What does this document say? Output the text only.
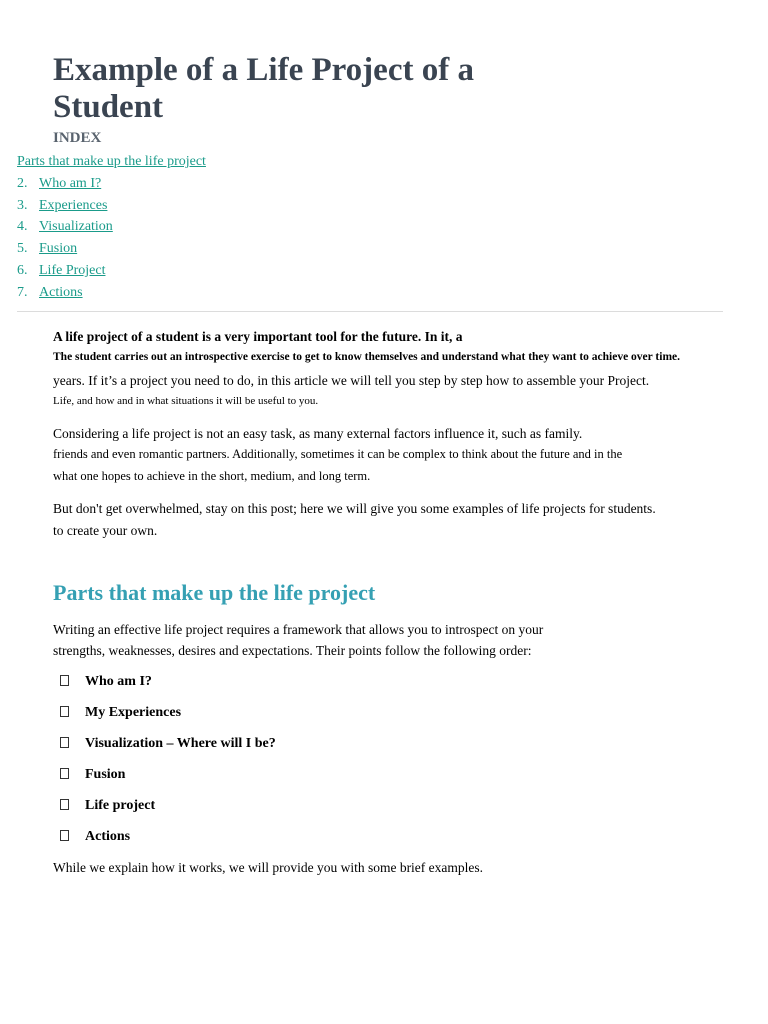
Example of a Life Project of a Student
INDEX
Parts that make up the life project
2. Who am I?
3. Experiences
4. Visualization
5. Fusion
6. Life Project
7. Actions

A life project of a student is a very important tool for the future. In it, a

The student carries out an introspective exercise to get to know themselves and understand what they want to achieve over time.

years. If it’s a project you need to do, in this article we will tell you step by step how to assemble your Project.

Life, and how and in what situations it will be useful to you.

Considering a life project is not an easy task, as many external factors influence it, such as family.

friends and even romantic partners. Additionally, sometimes it can be complex to think about the future and in the

what one hopes to achieve in the short, medium, and long term.

But don't get overwhelmed, stay on this post; here we will give you some examples of life projects for students.

to create your own.

Parts that make up the life project

Writing an effective life project requires a framework that allows you to introspect on your

strengths, weaknesses, desires and expectations. Their points follow the following order:

Who am I?
My Experiences
Visualization – Where will I be?
Fusion
Life project
Actions

While we explain how it works, we will provide you with some brief examples.
